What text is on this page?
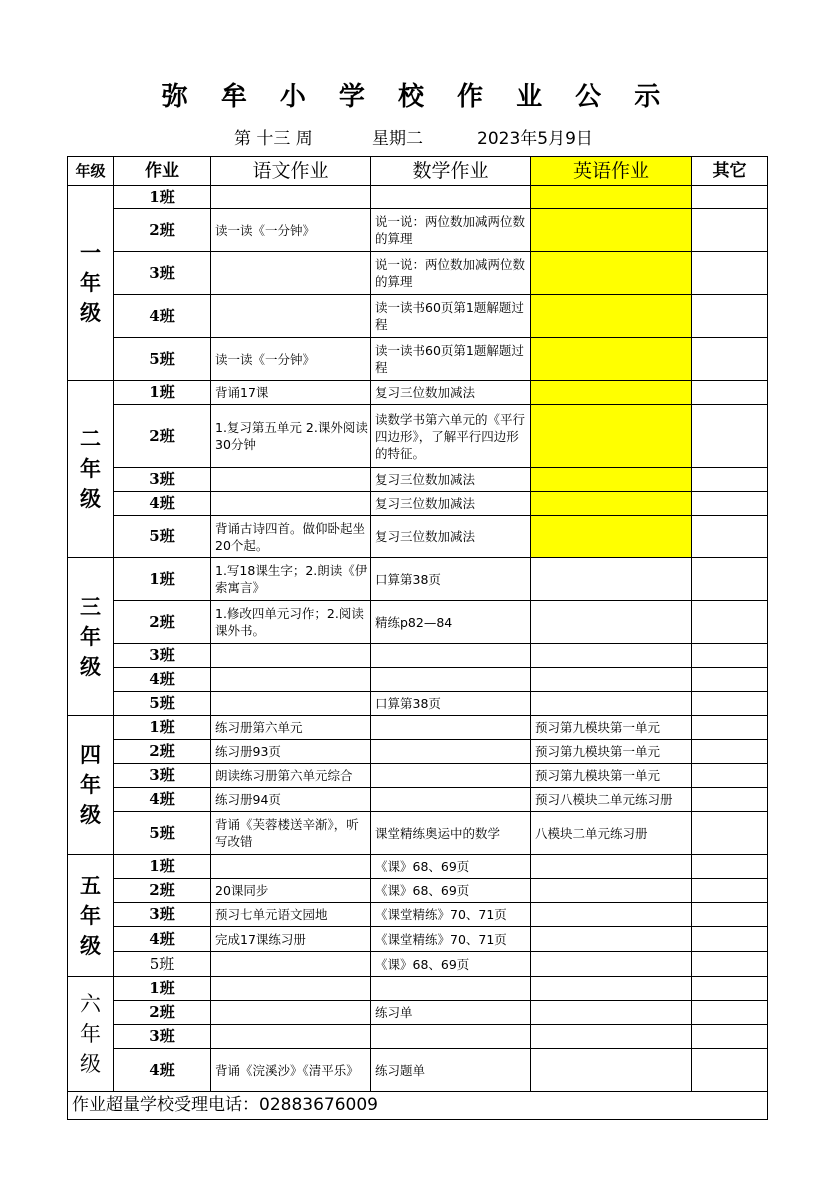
弥 牟 小 学 校 作 业 公 示
第 十三 周	星期二	2023年5月9日
年级	作业	语文作业	数学作业	英语作业	其它

一
年
级	1班				
	2班	读一读《一分钟》	说一说：两位数加减两位数的算理		
	3班		说一说：两位数加减两位数的算理		
	4班		读一读书60页第1题解题过程		
	5班	读一读《一分钟》	读一读书60页第1题解题过程		

二
年
级	1班	背诵17课	复习三位数加减法		
	2班	1.复习第五单元 2.课外阅读30分钟	读数学书第六单元的《平行四边形》，了解平行四边形的特征。		
	3班		复习三位数加减法		
	4班		复习三位数加减法		
	5班	背诵古诗四首。做仰卧起坐20个起。	复习三位数加减法		

三
年
级	1班	1.写18课生字；2.朗读《伊索寓言》	口算第38页		
	2班	1.修改四单元习作；2.阅读课外书。	精练p82—84		
	3班				
	4班				
	5班		口算第38页		

四
年
级	1班	练习册第六单元		预习第九模块第一单元	
	2班	练习册93页		预习第九模块第一单元	
	3班	朗读练习册第六单元综合		预习第九模块第一单元	
	4班	练习册94页		预习八模块二单元练习册	
	5班	背诵《芙蓉楼送辛渐》，听写改错	课堂精练奥运中的数学	八模块二单元练习册	

五
年
级	1班		《课》68、69页		
	2班	20课同步	《课》68、69页		
	3班	预习七单元语文园地	《课堂精练》70、71页		
	4班	完成17课练习册	《课堂精练》70、71页		
	5班		《课》68、69页		

六
年
级	1班				
	2班		练习单		
	3班				
	4班	背诵《浣溪沙》《清平乐》	练习题单		
作业超量学校受理电话：02883676009					
